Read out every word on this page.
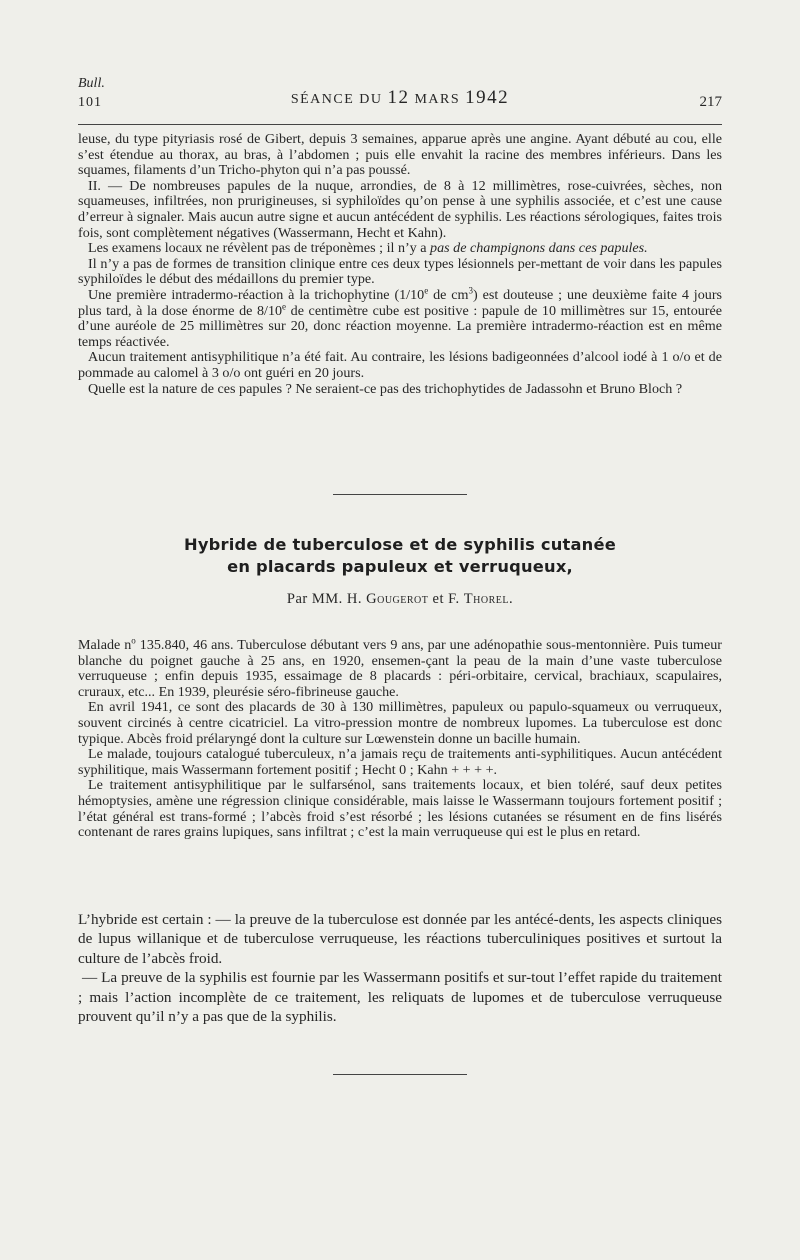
Bull.
101	SÉANCE DU 12 MARS 1942	217

leuse, du type pityriasis rosé de Gibert, depuis 3 semaines, apparue après une angine. Ayant débuté au cou, elle s’est étendue au thorax, au bras, à l’abdomen ; puis elle envahit la racine des membres inférieurs. Dans les squames, filaments d’un Tricho-phyton qui n’a pas poussé.

II. — De nombreuses papules de la nuque, arrondies, de 8 à 12 millimètres, rose-cuivrées, sèches, non squameuses, infiltrées, non prurigineuses, si syphiloïdes qu’on pense à une syphilis associée, et c’est une cause d’erreur à signaler. Mais aucun autre signe et aucun antécédent de syphilis. Les réactions sérologiques, faites trois fois, sont complètement négatives (Wassermann, Hecht et Kahn).

Les examens locaux ne révèlent pas de tréponèmes ; il n’y a pas de champignons dans ces papules.

Il n’y a pas de formes de transition clinique entre ces deux types lésionnels per-mettant de voir dans les papules syphiloïdes le début des médaillons du premier type.

Une première intradermo-réaction à la trichophytine (1/10e de $cm^3$) est douteuse ; une deuxième faite 4 jours plus tard, à la dose énorme de 8/10e de centimètre cube est positive : papule de 10 millimètres sur 15, entourée d’une auréole de 25 millimètres sur 20, donc réaction moyenne. La première intradermo-réaction est en même temps réactivée.

Aucun traitement antisyphilitique n’a été fait. Au contraire, les lésions badigeonnées d’alcool iodé à 1 o/o et de pommade au calomel à 3 o/o ont guéri en 20 jours.

Quelle est la nature de ces papules ? Ne seraient-ce pas des trichophytides de Jadassohn et Bruno Bloch ?

Hybride de tuberculose et de syphilis cutanée
en placards papuleux et verruqueux,
Par MM. H. Gougerot et F. Thorel.

Malade $n^o$ 135.840, 46 ans. Tuberculose débutant vers 9 ans, par une adénopathie sous-mentonnière. Puis tumeur blanche du poignet gauche à 25 ans, en 1920, ensemen-çant la peau de la main d’une vaste tuberculose verruqueuse ; enfin depuis 1935, essaimage de 8 placards : péri-orbitaire, cervical, brachiaux, scapulaires, cruraux, etc... En 1939, pleurésie séro-fibrineuse gauche.

En avril 1941, ce sont des placards de 30 à 130 millimètres, papuleux ou papulo-squameux ou verruqueux, souvent circinés à centre cicatriciel. La vitro-pression montre de nombreux lupomes. La tuberculose est donc typique. Abcès froid prélaryngé dont la culture sur Lœwenstein donne un bacille humain.

Le malade, toujours catalogué tuberculeux, n’a jamais reçu de traitements anti-syphilitiques. Aucun antécédent syphilitique, mais Wassermann fortement positif ; Hecht 0 ; Kahn + + + +.

Le traitement antisyphilitique par le sulfarsénol, sans traitements locaux, et bien toléré, sauf deux petites hémoptysies, amène une régression clinique considérable, mais laisse le Wassermann toujours fortement positif ; l’état général est trans-formé ; l’abcès froid s’est résorbé ; les lésions cutanées se résument en de fins lisérés contenant de rares grains lupiques, sans infiltrat ; c’est la main verruqueuse qui est le plus en retard.

L’hybride est certain : — la preuve de la tuberculose est donnée par les antécé-dents, les aspects cliniques de lupus willanique et de tuberculose verruqueuse, les réactions tuberculiniques positives et surtout la culture de l’abcès froid.

— La preuve de la syphilis est fournie par les Wassermann positifs et sur-tout l’effet rapide du traitement ; mais l’action incomplète de ce traitement, les reliquats de lupomes et de tuberculose verruqueuse prouvent qu’il n’y a pas que de la syphilis.
